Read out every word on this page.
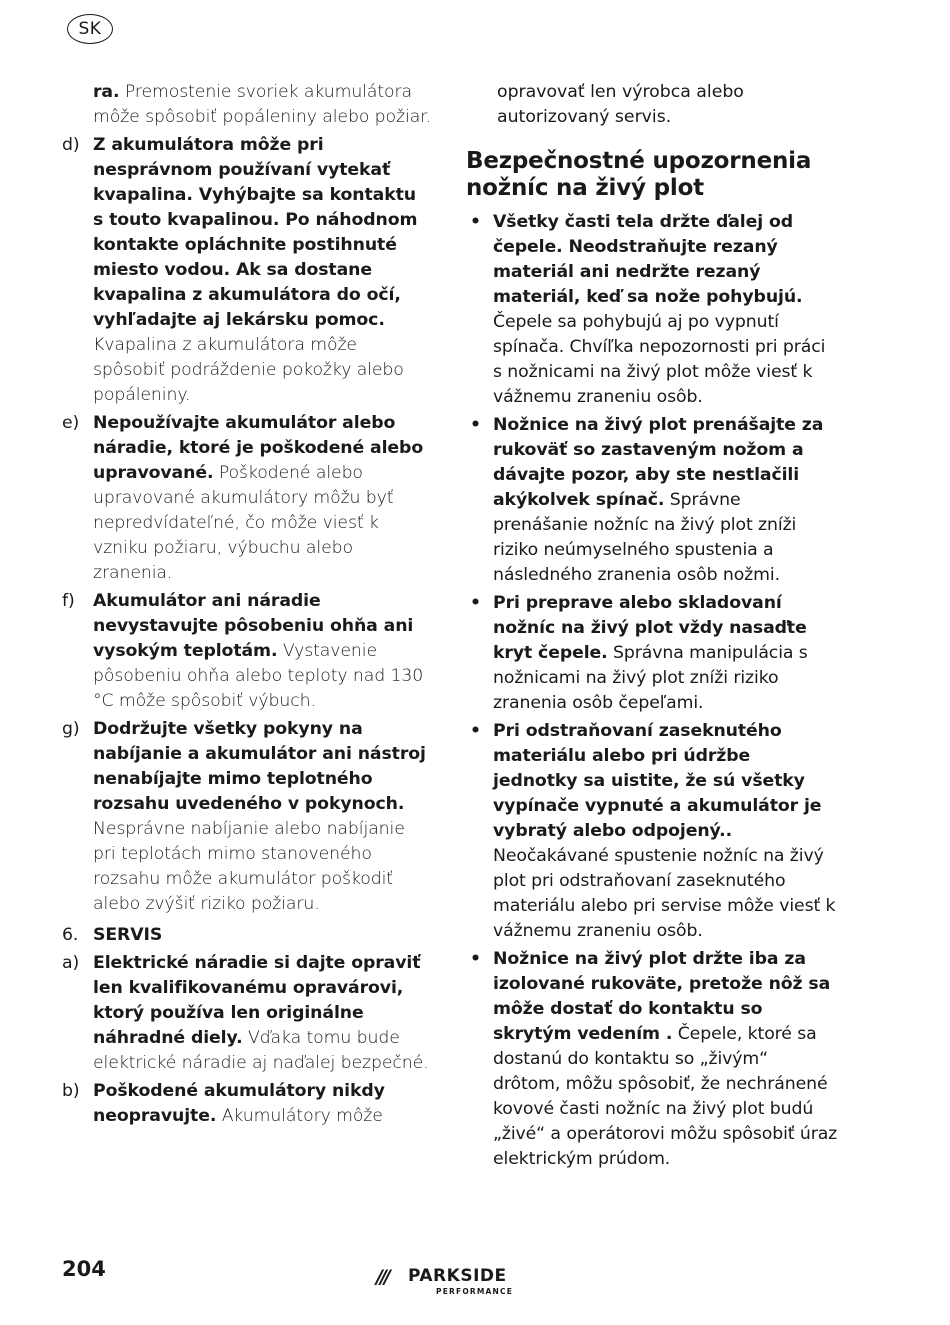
SK
ra. Premostenie svoriek akumulátora môže spôsobiť popáleniny alebo požiar.
d) Z akumulátora môže pri nesprávnom používaní vytekať kvapalina. Vyhýbajte sa kontaktu s touto kvapalinou. Po náhodnom kontakte opláchnite postihnuté miesto vodou. Ak sa dostane kvapalina z akumulátora do očí, vyhľadajte aj lekársku pomoc. Kvapalina z akumulátora môže spôsobiť podráždenie pokožky alebo popáleniny.
e) Nepoužívajte akumulátor alebo náradie, ktoré je poškodené alebo upravované. Poškodené alebo upravované akumulátory môžu byť nepredvídateľné, čo môže viesť k vzniku požiaru, výbuchu alebo zranenia.
f) Akumulátor ani náradie nevystavujte pôsobeniu ohňa ani vysokým teplotám. Vystavenie pôsobeniu ohňa alebo teploty nad 130 °C môže spôsobiť výbuch.
g) Dodržujte všetky pokyny na nabíjanie a akumulátor ani nástroj nenabíjajte mimo teplotného rozsahu uvedeného v pokynoch. Nesprávne nabíjanie alebo nabíjanie pri teplotách mimo stanoveného rozsahu môže akumulátor poškodiť alebo zvýšiť riziko požiaru.
6. SERVIS
a) Elektrické náradie si dajte opraviť len kvalifikovanému opravárovi, ktorý používa len originálne náhradné diely. Vďaka tomu bude elektrické náradie aj naďalej bezpečné.
b) Poškodené akumulátory nikdy neopravujte. Akumulátory môže
opravovať len výrobca alebo autorizovaný servis.
Bezpečnostné upozornenia nožníc na živý plot
• Všetky časti tela držte ďalej od čepele. Neodstraňujte rezaný materiál ani nedržte rezaný materiál, keď sa nože pohybujú. Čepele sa pohybujú aj po vypnutí spínača. Chvíľka nepozornosti pri práci s nožnicami na živý plot môže viesť k vážnemu zraneniu osôb.
• Nožnice na živý plot prenášajte za rukoväť so zastaveným nožom a dávajte pozor, aby ste nestlačili akýkolvek spínač. Správne prenášanie nožníc na živý plot zníži riziko neúmyselného spustenia a následného zranenia osôb nožmi.
• Pri preprave alebo skladovaní nožníc na živý plot vždy nasaďte kryt čepele. Správna manipulácia s nožnicami na živý plot zníži riziko zranenia osôb čepeľami.
• Pri odstraňovaní zaseknutého materiálu alebo pri údržbe jednotky sa uistite, že sú všetky vypínače vypnuté a akumulátor je vybratý alebo odpojený.. Neočakávané spustenie nožníc na živý plot pri odstraňovaní zaseknutého materiálu alebo pri servise môže viesť k vážnemu zraneniu osôb.
• Nožnice na živý plot držte iba za izolované rukoväte, pretože nôž sa môže dostať do kontaktu so skrytým vedením . Čepele, ktoré sa dostanú do kontaktu so „živým“ drôtom, môžu spôsobiť, že nechránené kovové časti nožníc na živý plot budú „živé“ a operátorovi môžu spôsobiť úraz elektrickým prúdom.
204	/// PARKSIDE
PERFORMANCE
